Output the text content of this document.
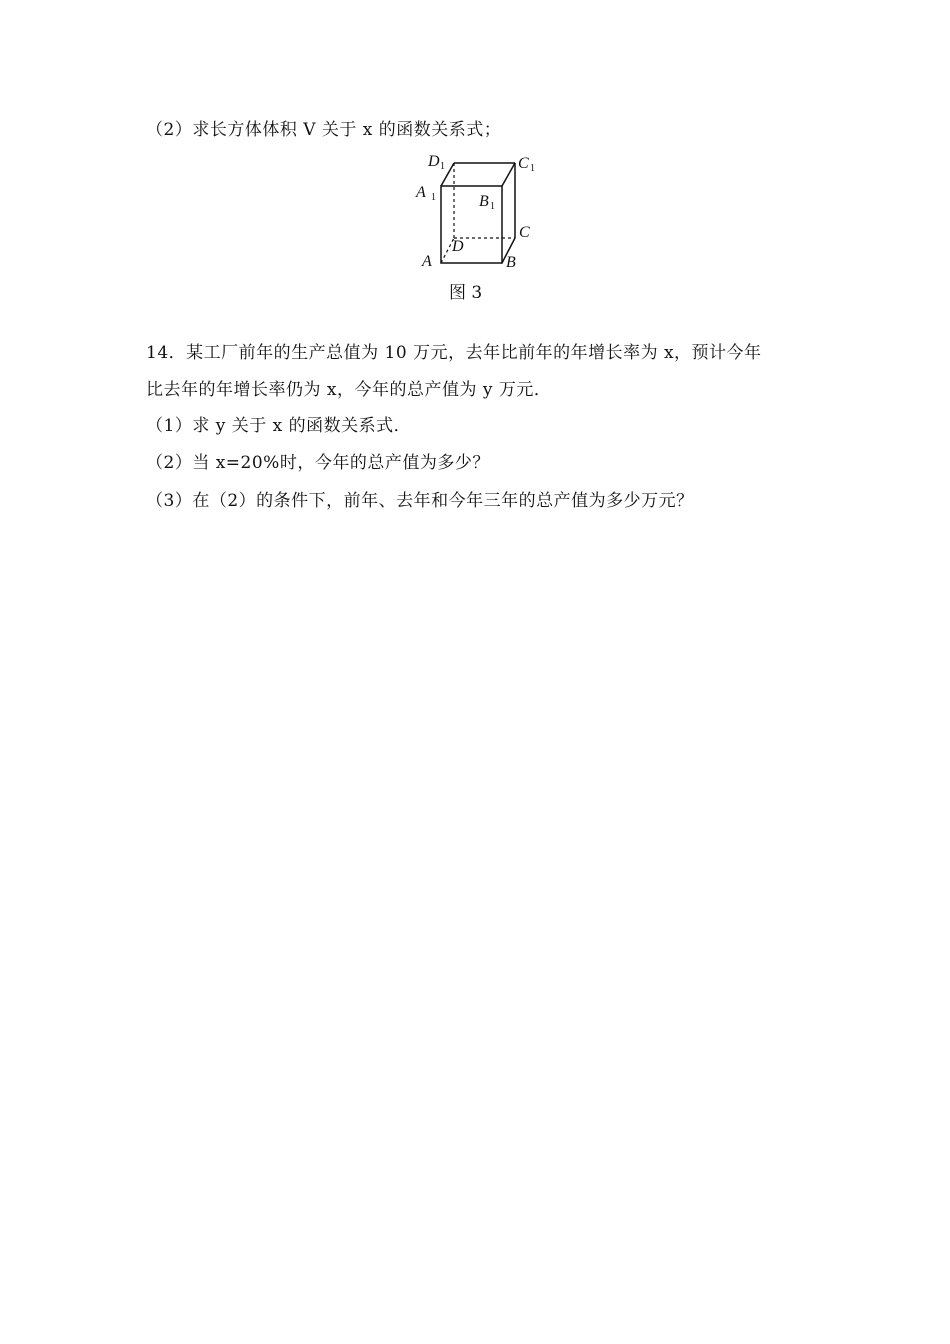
（2）求长方体体积 V 关于 x 的函数关系式；
D 1	C 1
A 1	B 1
C
D
A	B
图 3
14．某工厂前年的生产总值为 10 万元，去年比前年的年增长率为 x，预计今年
比去年的年增长率仍为 x，今年的总产值为 y 万元．
（1）求 y 关于 x 的函数关系式．
（2）当 x=20%时，今年的总产值为多少？
（3）在（2）的条件下，前年、去年和今年三年的总产值为多少万元？
